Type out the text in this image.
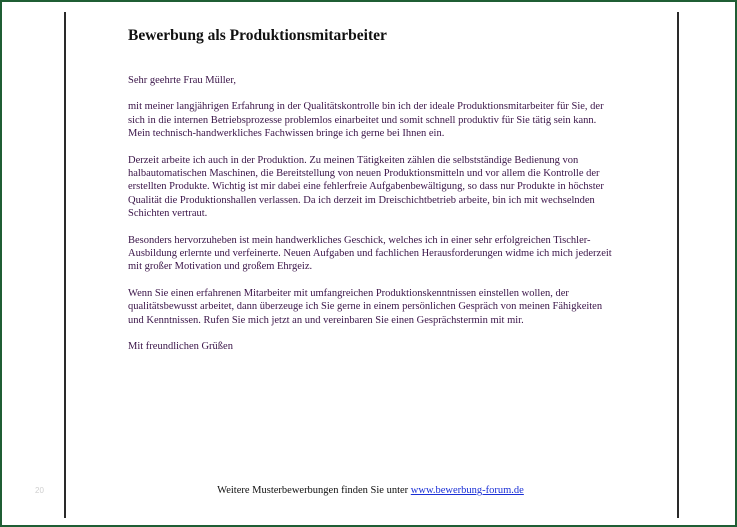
20
Bewerbung als Produktionsmitarbeiter

Sehr geehrte Frau Müller,

mit meiner langjährigen Erfahrung in der Qualitätskontrolle bin ich der ideale Produktionsmitarbeiter für Sie, der sich in die internen Betriebsprozesse problemlos einarbeitet und somit schnell produktiv für Sie tätig sein kann. Mein technisch-handwerkliches Fachwissen bringe ich gerne bei Ihnen ein.

Derzeit arbeite ich auch in der Produktion. Zu meinen Tätigkeiten zählen die selbstständige Bedienung von halbautomatischen Maschinen, die Bereitstellung von neuen Produktionsmitteln und vor allem die Kontrolle der erstellten Produkte. Wichtig ist mir dabei eine fehlerfreie Aufgabenbewältigung, so dass nur Produkte in höchster Qualität die Produktionshallen verlassen. Da ich derzeit im Dreischichtbetrieb arbeite, bin ich mit wechselnden Schichten vertraut.

Besonders hervorzuheben ist mein handwerkliches Geschick, welches ich in einer sehr erfolgreichen Tischler-Ausbildung erlernte und verfeinerte. Neuen Aufgaben und fachlichen Herausforderungen widme ich mich jederzeit mit großer Motivation und großem Ehrgeiz.

Wenn Sie einen erfahrenen Mitarbeiter mit umfangreichen Produktionskenntnissen einstellen wollen, der qualitätsbewusst arbeitet, dann überzeuge ich Sie gerne in einem persönlichen Gespräch von meinen Fähigkeiten und Kenntnissen. Rufen Sie mich jetzt an und vereinbaren Sie einen Gesprächstermin mit mir.

Mit freundlichen Grüßen

Weitere Musterbewerbungen finden Sie unter www.bewerbung-forum.de
